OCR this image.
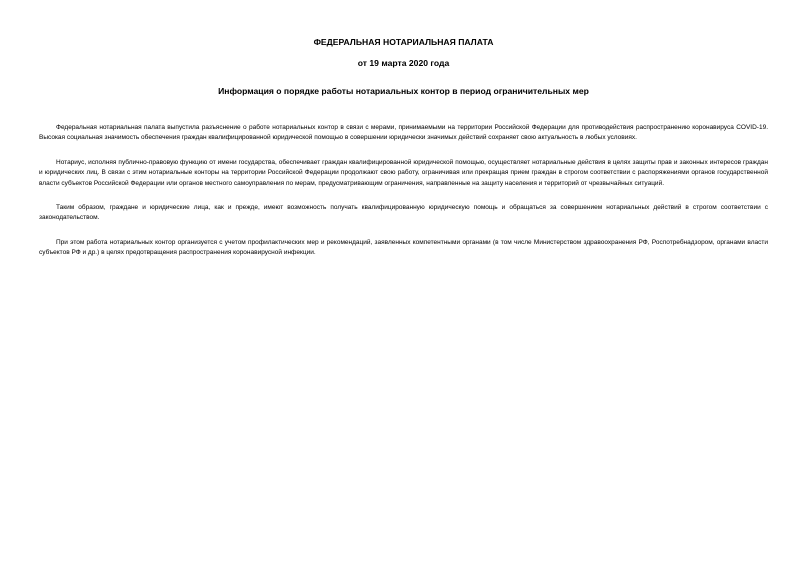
ФЕДЕРАЛЬНАЯ НОТАРИАЛЬНАЯ ПАЛАТА
от 19 марта 2020 года
Информация о порядке работы нотариальных контор в период ограничительных мер

Федеральная нотариальная палата выпустила разъяснение о работе нотариальных контор в связи с мерами, принимаемыми на территории Российской Федерации для противодействия распространению коронавируса COVID-19. Высокая социальная значимость обеспечения граждан квалифицированной юридической помощью в совершении юридически значимых действий сохраняет свою актуальность в любых условиях.

Нотариус, исполняя публично-правовую функцию от имени государства, обеспечивает граждан квалифицированной юридической помощью, осуществляет нотариальные действия в целях защиты прав и законных интересов граждан и юридических лиц. В связи с этим нотариальные конторы на территории Российской Федерации продолжают свою работу, ограничивая или прекращая прием граждан в строгом соответствии с распоряжениями органов государственной власти субъектов Российской Федерации или органов местного самоуправления по мерам, предусматривающим ограничения, направленные на защиту населения и территорий от чрезвычайных ситуаций.

Таким образом, граждане и юридические лица, как и прежде, имеют возможность получать квалифицированную юридическую помощь и обращаться за совершением нотариальных действий в строгом соответствии с законодательством.

При этом работа нотариальных контор организуется с учетом профилактических мер и рекомендаций, заявленных компетентными органами (в том числе Министерством здравоохранения РФ, Роспотребнадзором, органами власти субъектов РФ и др.) в целях предотвращения распространения коронавирусной инфекции.
